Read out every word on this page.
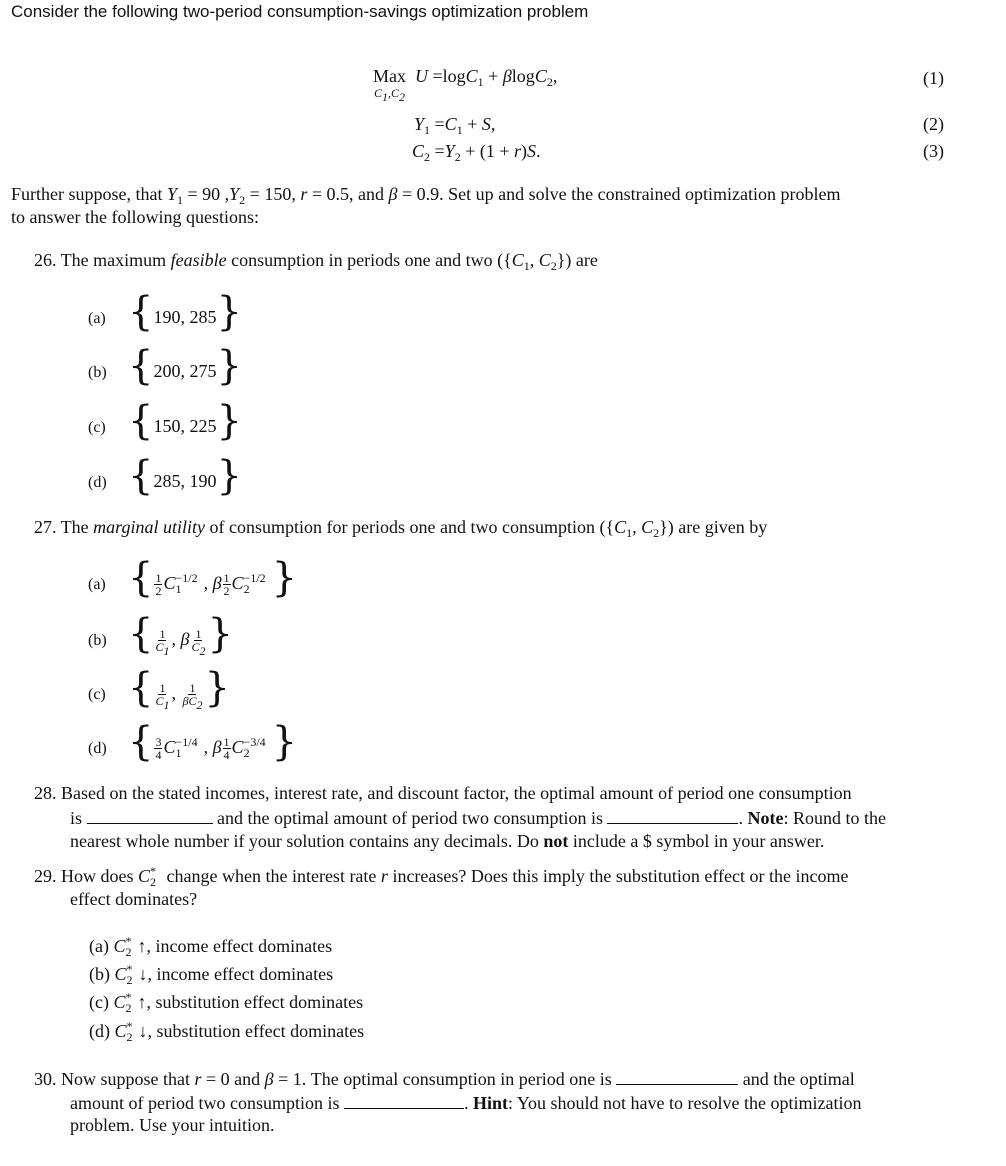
Consider the following two-period consumption-savings optimization problem
Max
$C_1,C_2$
U =logC$_1$ + βlogC$_2$,	(1)
$Y_1 =C_1 + S$,	(2)
$C_2 =Y_2 + (1 + r)S$.	(3)
Further suppose, that $Y_1 = 90$ $,Y_2 = 150$, r = 0.5, and β = 0.9. Set up and solve the constrained optimization problem
to answer the following questions:
26. The maximum feasible consumption in periods one and two ({$C_1$, $C_2$}) are
(a) {190, 285}
(b) {200, 275}
(c) {150, 225}
(d) {285, 190}
27. The marginal utility of consumption for periods one and two consumption ({$C_1$, $C_2$}) are given by
(a) { $\frac{1}{2} C_1^{-1/2}$ , β $\frac{1}{2} C_2^{-1/2}$ }
(b) { $\frac{1}{C_1}$ , β $\frac{1}{C_2}$ }
(c) { $\frac{1}{C_1}$ , $\frac{1}{\beta C_2}$ }
(d) { $\frac{3}{4} C_1^{-1/4}$ , β $\frac{1}{4} C_2^{-3/4}$ }
28. Based on the stated incomes, interest rate, and discount factor, the optimal amount of period one consumption
is	and the optimal amount of period two consumption is	. Note: Round to the
nearest whole number if your solution contains any decimals. Do not include a $ symbol in your answer.
29. How does $C_2^*$ change when the interest rate r increases? Does this imply the substitution effect or the income
effect dominates?
(a) $C_2^*$ ↑, income effect dominates
(b) $C_2^*$ ↓, income effect dominates
(c) $C_2^*$ ↑, substitution effect dominates
(d) $C_2^*$ ↓, substitution effect dominates
30. Now suppose that r = 0 and β = 1. The optimal consumption in period one is	and the optimal
amount of period two consumption is	. Hint: You should not have to resolve the optimization
problem. Use your intuition.
